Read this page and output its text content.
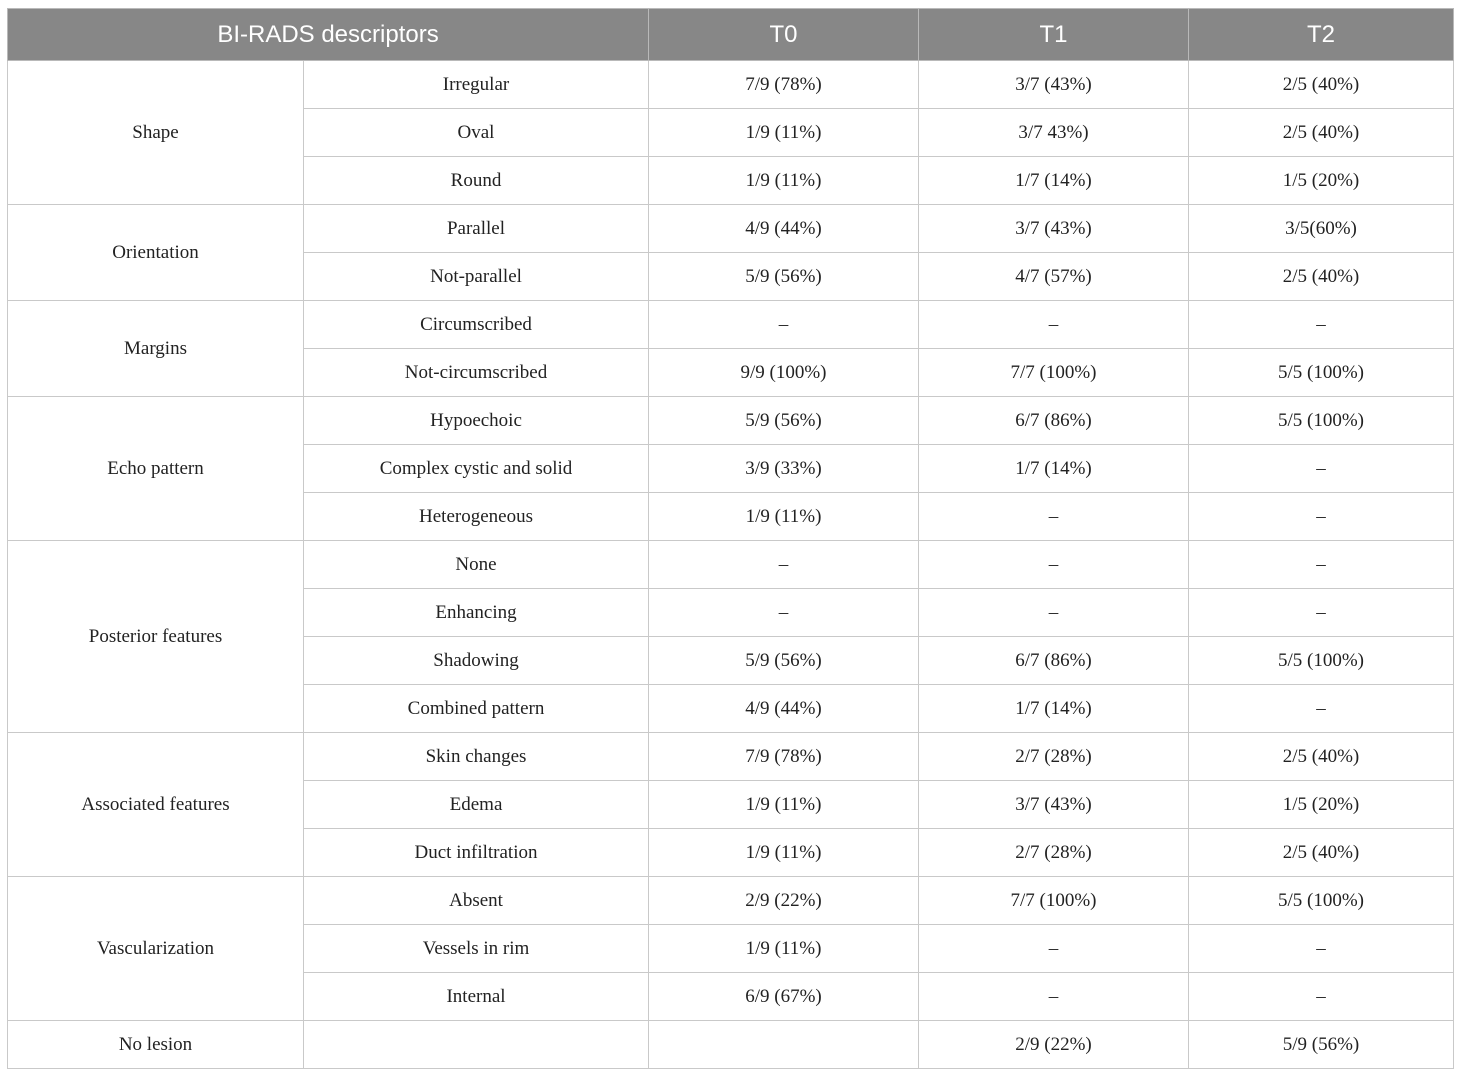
BI-RADS descriptors		T0	T1	T2
Shape	Irregular	7/9 (78%)	3/7 (43%)	2/5 (40%)
	Oval	1/9 (11%)	3/7 43%)	2/5 (40%)
	Round	1/9 (11%)	1/7 (14%)	1/5 (20%)
Orientation	Parallel	4/9 (44%)	3/7 (43%)	3/5(60%)
	Not-parallel	5/9 (56%)	4/7 (57%)	2/5 (40%)
Margins	Circumscribed	–	–	–
	Not-circumscribed	9/9 (100%)	7/7 (100%)	5/5 (100%)
Echo pattern	Hypoechoic	5/9 (56%)	6/7 (86%)	5/5 (100%)
	Complex cystic and solid	3/9 (33%)	1/7 (14%)	–
	Heterogeneous	1/9 (11%)	–	–
Posterior features	None	–	–	–
	Enhancing	–	–	–
	Shadowing	5/9 (56%)	6/7 (86%)	5/5 (100%)
	Combined pattern	4/9 (44%)	1/7 (14%)	–
Associated features	Skin changes	7/9 (78%)	2/7 (28%)	2/5 (40%)
	Edema	1/9 (11%)	3/7 (43%)	1/5 (20%)
	Duct infiltration	1/9 (11%)	2/7 (28%)	2/5 (40%)
Vascularization	Absent	2/9 (22%)	7/7 (100%)	5/5 (100%)
	Vessels in rim	1/9 (11%)	–	–
	Internal	6/9 (67%)	–	–
No lesion			2/9 (22%)	5/9 (56%)
